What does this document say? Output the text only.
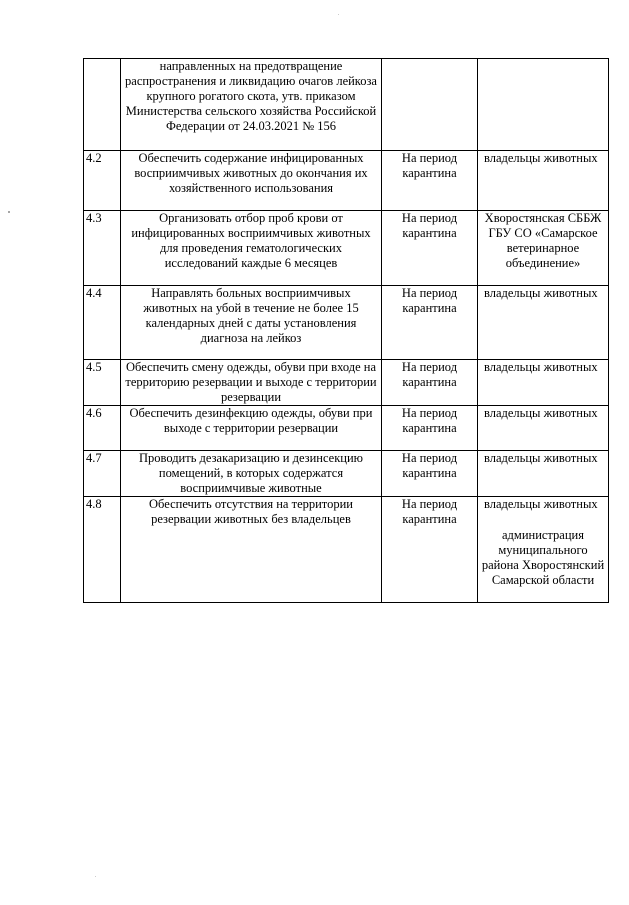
	направленных на предотвращение распространения и ликвидацию очагов лейкоза крупного рогатого скота, утв. приказом Министерства сельского хозяйства Российской Федерации от 24.03.2021 № 156		
4.2	Обеспечить содержание инфицированных восприимчивых животных до окончания их хозяйственного использования	На период карантина	владельцы животных
4.3	Организовать отбор проб крови от инфицированных восприимчивых животных для проведения гематологических исследований каждые 6 месяцев	На период карантина	Хворостянская СББЖ ГБУ СО «Самарское ветеринарное объединение»
4.4	Направлять больных восприимчивых животных на убой в течение не более 15 календарных дней с даты установления диагноза на лейкоз	На период карантина	владельцы животных
4.5	Обеспечить смену одежды, обуви при входе на территорию резервации и выходе с территории резервации	На период карантина	владельцы животных
4.6	Обеспечить дезинфекцию одежды, обуви при выходе с территории резервации	На период карантина	владельцы животных
4.7	Проводить дезакаризацию и дезинсекцию помещений, в которых содержатся восприимчивые животные	На период карантина	владельцы животных
4.8	Обеспечить отсутствия на территории резервации животных без владельцев	На период карантина	владельцы животных
администрация муниципального района Хворостянский Самарской области
